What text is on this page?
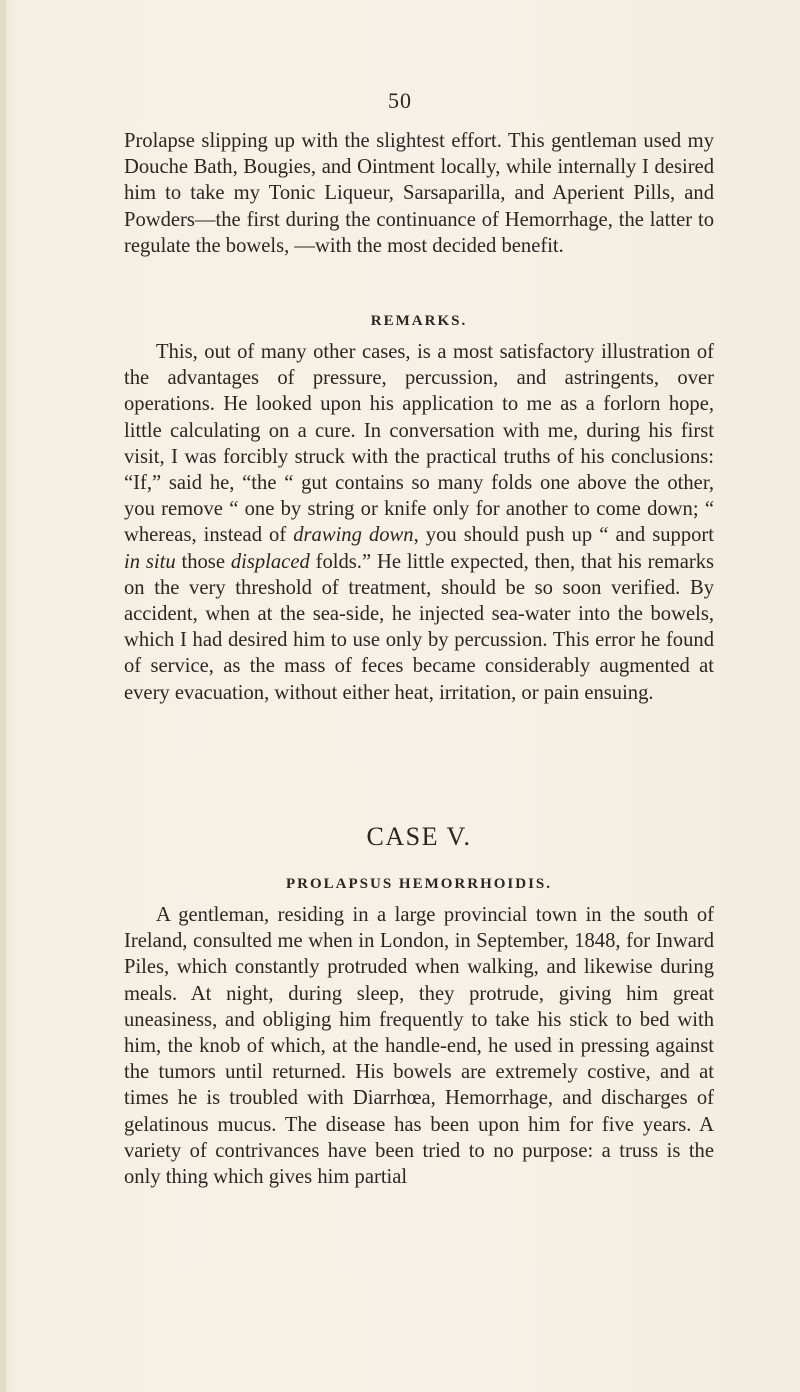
50

Prolapse slipping up with the slightest effort. This gentleman used my Douche Bath, Bougies, and Ointment locally, while internally I desired him to take my Tonic Liqueur, Sarsaparilla, and Aperient Pills, and Powders—the first during the continuance of Hemorrhage, the latter to regulate the bowels, —with the most decided benefit.

REMARKS.

This, out of many other cases, is a most satisfactory illustration of the advantages of pressure, percussion, and astringents, over operations. He looked upon his application to me as a forlorn hope, little calculating on a cure. In conversation with me, during his first visit, I was forcibly struck with the practical truths of his conclusions: “If,” said he, “the “ gut contains so many folds one above the other, you remove “ one by string or knife only for another to come down; “ whereas, instead of drawing down, you should push up “ and support in situ those displaced folds.” He little expected, then, that his remarks on the very threshold of treatment, should be so soon verified. By accident, when at the sea-side, he injected sea-water into the bowels, which I had desired him to use only by percussion. This error he found of service, as the mass of feces became considerably augmented at every evacuation, without either heat, irritation, or pain ensuing.

CASE V.
PROLAPSUS HEMORRHOIDIS.

A gentleman, residing in a large provincial town in the south of Ireland, consulted me when in London, in September, 1848, for Inward Piles, which constantly protruded when walking, and likewise during meals. At night, during sleep, they protrude, giving him great uneasiness, and obliging him frequently to take his stick to bed with him, the knob of which, at the handle-end, he used in pressing against the tumors until returned. His bowels are extremely costive, and at times he is troubled with Diarrhœa, Hemorrhage, and discharges of gelatinous mucus. The disease has been upon him for five years. A variety of contrivances have been tried to no purpose: a truss is the only thing which gives him partial
